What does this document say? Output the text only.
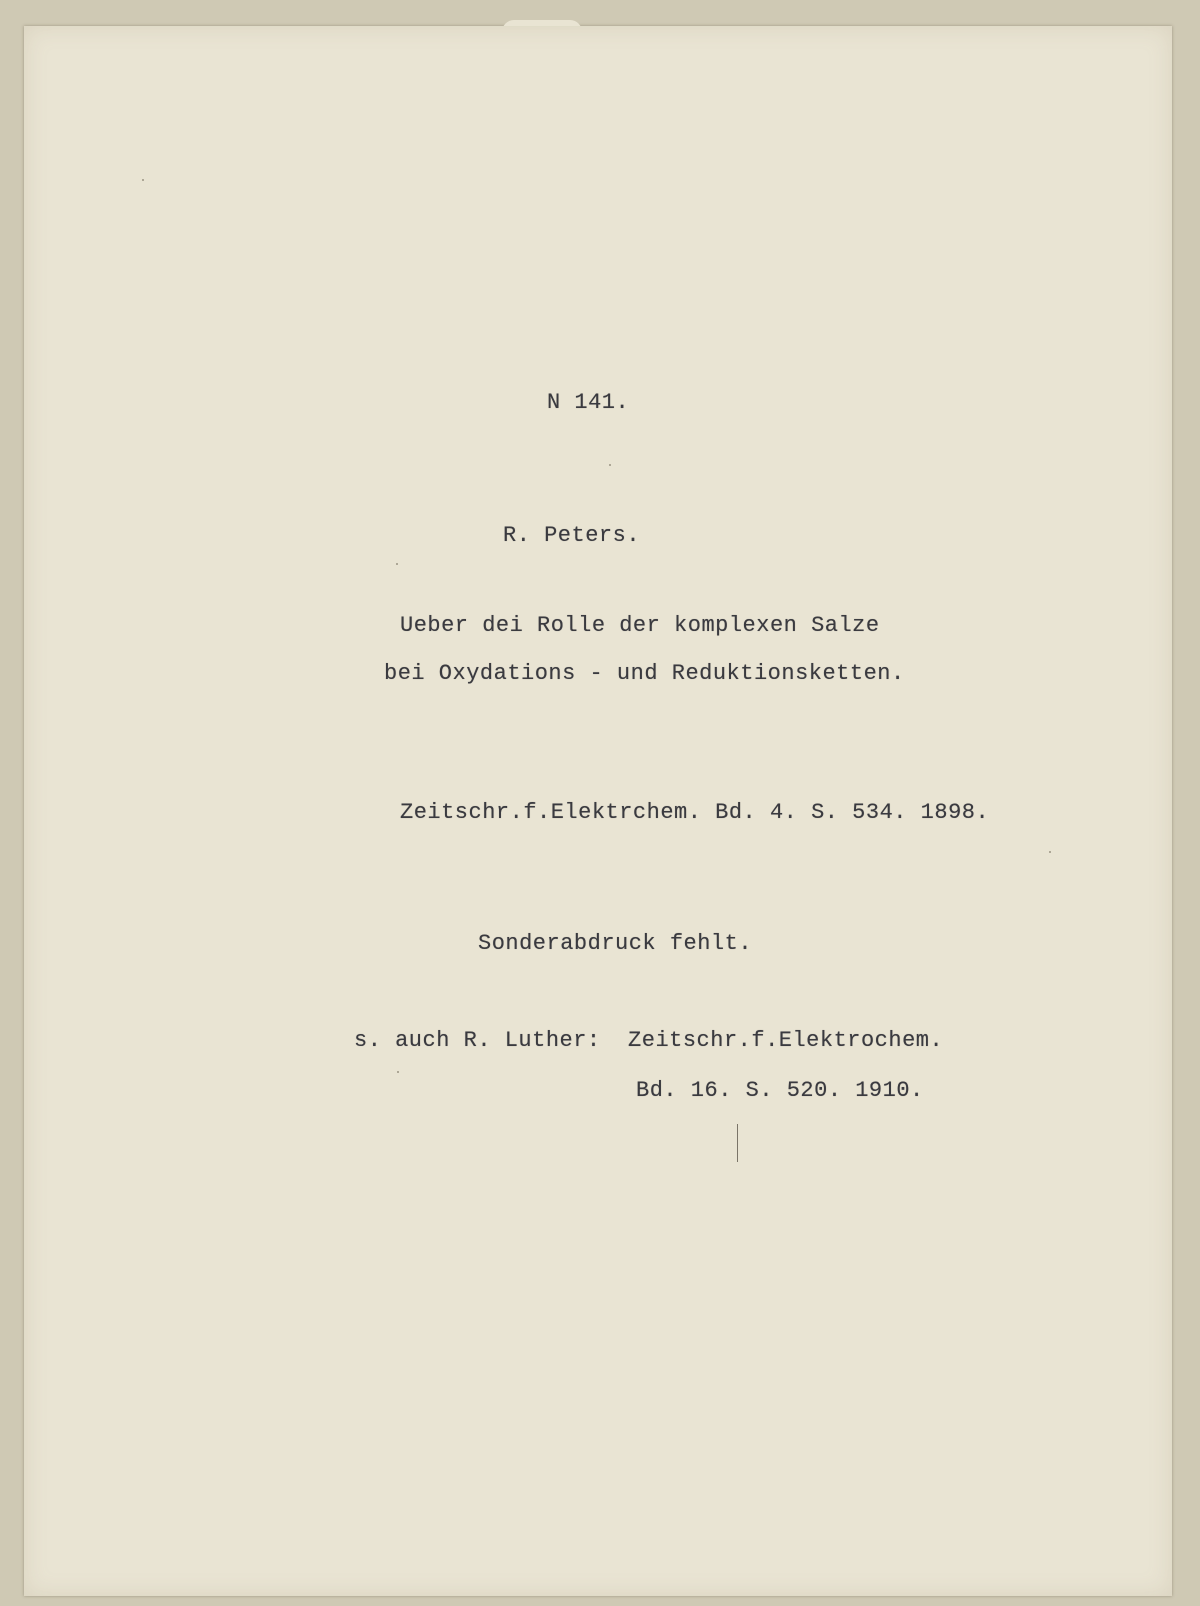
N 141.

R. Peters.

Ueber dei Rolle der komplexen Salze

bei Oxydations - und Reduktionsketten.

Zeitschr.f.Elektrchem. Bd. 4. S. 534. 1898.

Sonderabdruck fehlt.

s. auch R. Luther:  Zeitschr.f.Elektrochem.

Bd. 16. S. 520. 1910.
